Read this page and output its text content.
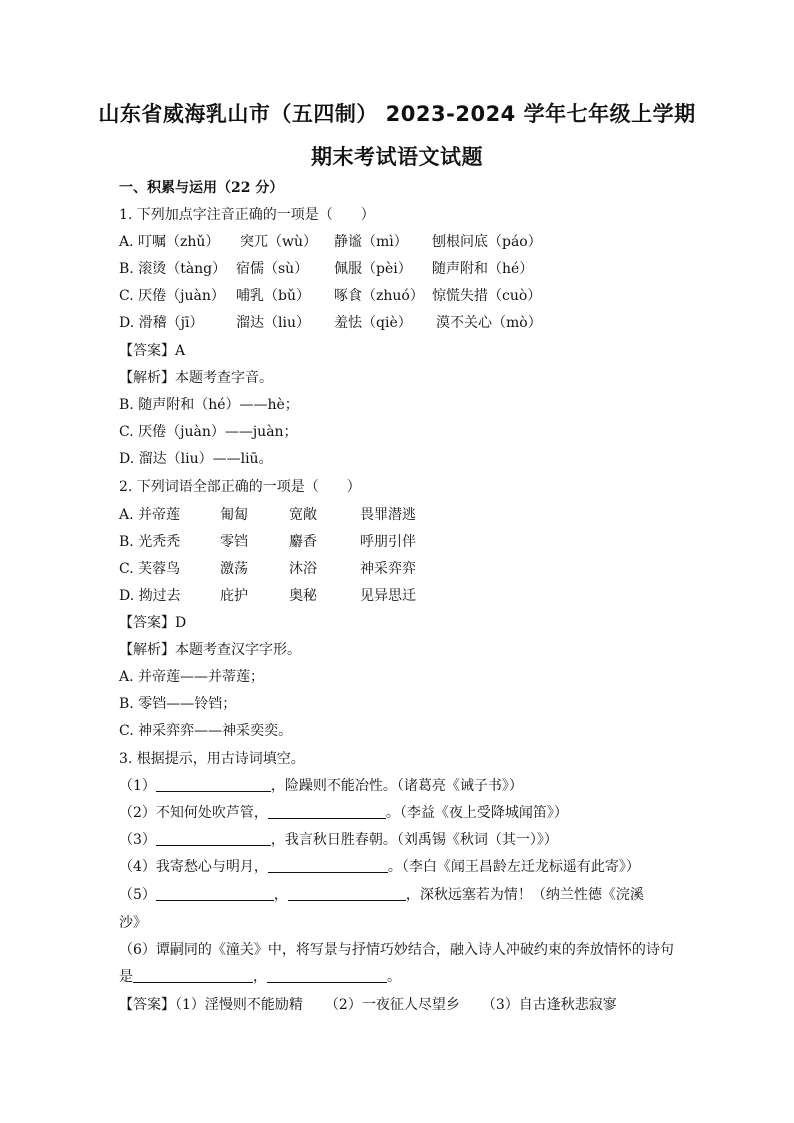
山东省威海乳山市（五四制） 2023-2024 学年七年级上学期
期末考试语文试题
一、积累与运用（22 分）
1. 下列加点字注音正确的一项是（　　）
A. 叮嘱（zhǔ） 突兀（wù） 静谧（mì） 刨根问底（páo）
B. 滚烫（tàng） 宿儒（sù） 佩服（pèi） 随声附和（hé）
C. 厌倦（juàn） 哺乳（bǔ） 啄食（zhuó） 惊慌失措（cuò）
D. 滑稽（jī） 溜达（liu） 羞怯（qiè） 漠不关心（mò）
【答案】A
【解析】本题考查字音。
B. 随声附和（hé）——hè；
C. 厌倦（juàn）——juàn；
D. 溜达（liu）——liū。
2. 下列词语全部正确的一项是（　　）
A. 并帝莲	匍匐	宽敞	畏罪潜逃
B. 光秃秃	零铛	麝香	呼朋引伴
C. 芙蓉鸟	激荡	沐浴	神采弈弈
D. 拗过去	庇护	奥秘	见异思迁
【答案】D
【解析】本题考查汉字字形。
A. 并帝莲——并蒂莲；
B. 零铛——铃铛；
C. 神采弈弈——神采奕奕。
3. 根据提示，用古诗词填空。
（1）	，险躁则不能冶性。（诸葛亮《诫子书》）
（2）不知何处吹芦管，	。（李益《夜上受降城闻笛》）
（3）	，我言秋日胜春朝。（刘禹锡《秋词（其一）》）
（4）我寄愁心与明月，	。（李白《闻王昌龄左迁龙标遥有此寄》）
（5）	，	，深秋远塞若为情！（纳兰性德《浣溪
沙》
（6）谭嗣同的《潼关》中，将写景与抒情巧妙结合，融入诗人冲破约束的奔放情怀的诗句
是	，	。
【答案】（1）淫慢则不能励精 （2）一夜征人尽望乡 （3）自古逢秋悲寂寥
